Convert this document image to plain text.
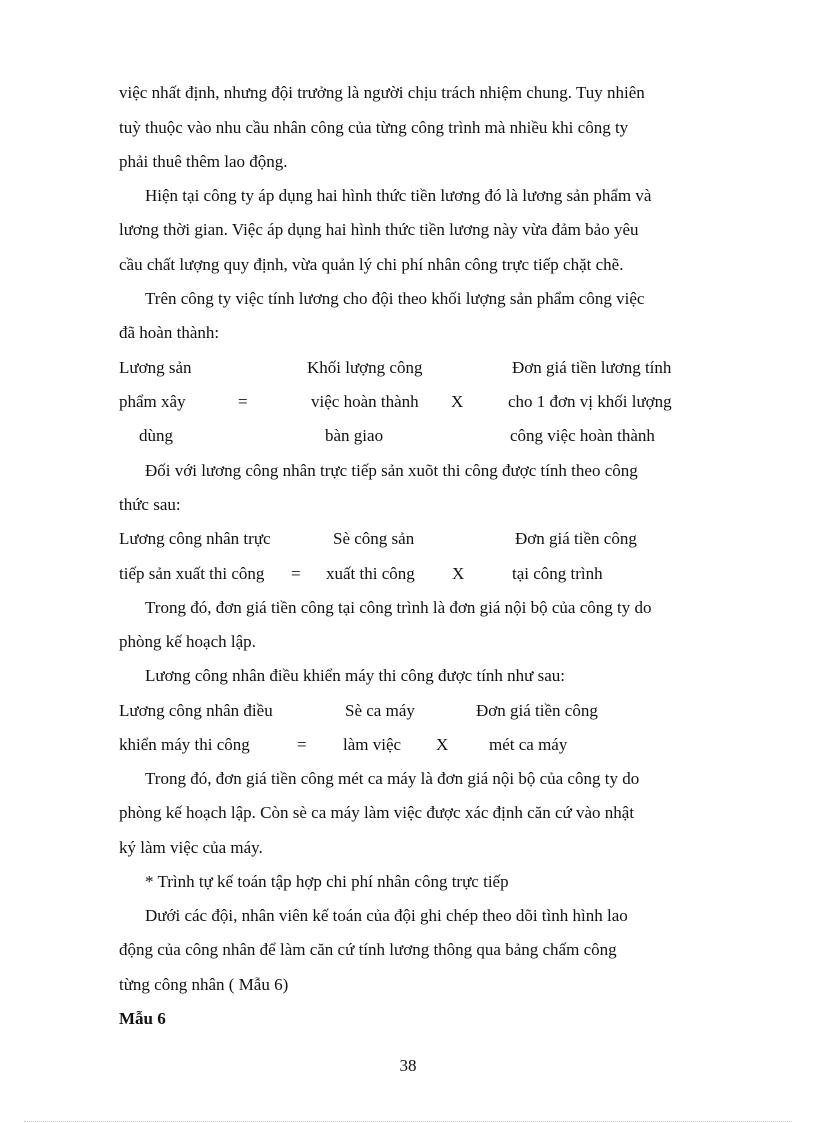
việc nhất định, nhưng đội trưởng là người chịu trách nhiệm chung. Tuy nhiên

tuỳ thuộc vào nhu cầu nhân công của từng công trình mà nhiều khi công ty

phải thuê thêm lao động.

Hiện tại công ty áp dụng hai hình thức tiền lương đó là lương sản phẩm và

lương thời gian. Việc áp dụng hai hình thức tiền lương này vừa đảm bảo yêu

cầu chất lượng quy định, vừa quản lý chi phí nhân công trực tiếp chặt chẽ.

Trên công ty việc tính lương cho đội theo khối lượng sản phẩm công việc

đã hoàn thành:

Lương sản

phẩm xây

dùng

=

Khối lượng công

việc hoàn thành

bàn giao

X

Đơn giá tiền lương tính

cho 1 đơn vị khối lượng

công việc hoàn thành

Đối với lương công nhân trực tiếp sản xuõt thi công được tính theo công

thức sau:

Lương công nhân trực

tiếp sản xuất thi công =

Sè công sản

xuất thi công X

Đơn giá tiền công

tại công trình

Trong đó, đơn giá tiền công tại công trình là đơn giá nội bộ của công ty do

phòng kế hoạch lập.

Lương công nhân điều khiển máy thi công được tính như sau:

Lương công nhân điều

khiển máy thi công	=

Sè ca máy

làm việc X

Đơn giá tiền công

mét ca máy

Trong đó, đơn giá tiền công mét ca máy là đơn giá nội bộ của công ty do

phòng kế hoạch lập. Còn sè ca máy làm việc được xác định căn cứ vào nhật

ký làm việc của máy.

* Trình tự kế toán tập hợp chi phí nhân công trực tiếp

Dưới các đội, nhân viên kế toán của đội ghi chép theo dõi tình hình lao

động của công nhân để làm căn cứ tính lương thông qua bảng chấm công

từng công nhân ( Mẫu 6)

Mẫu 6

38
